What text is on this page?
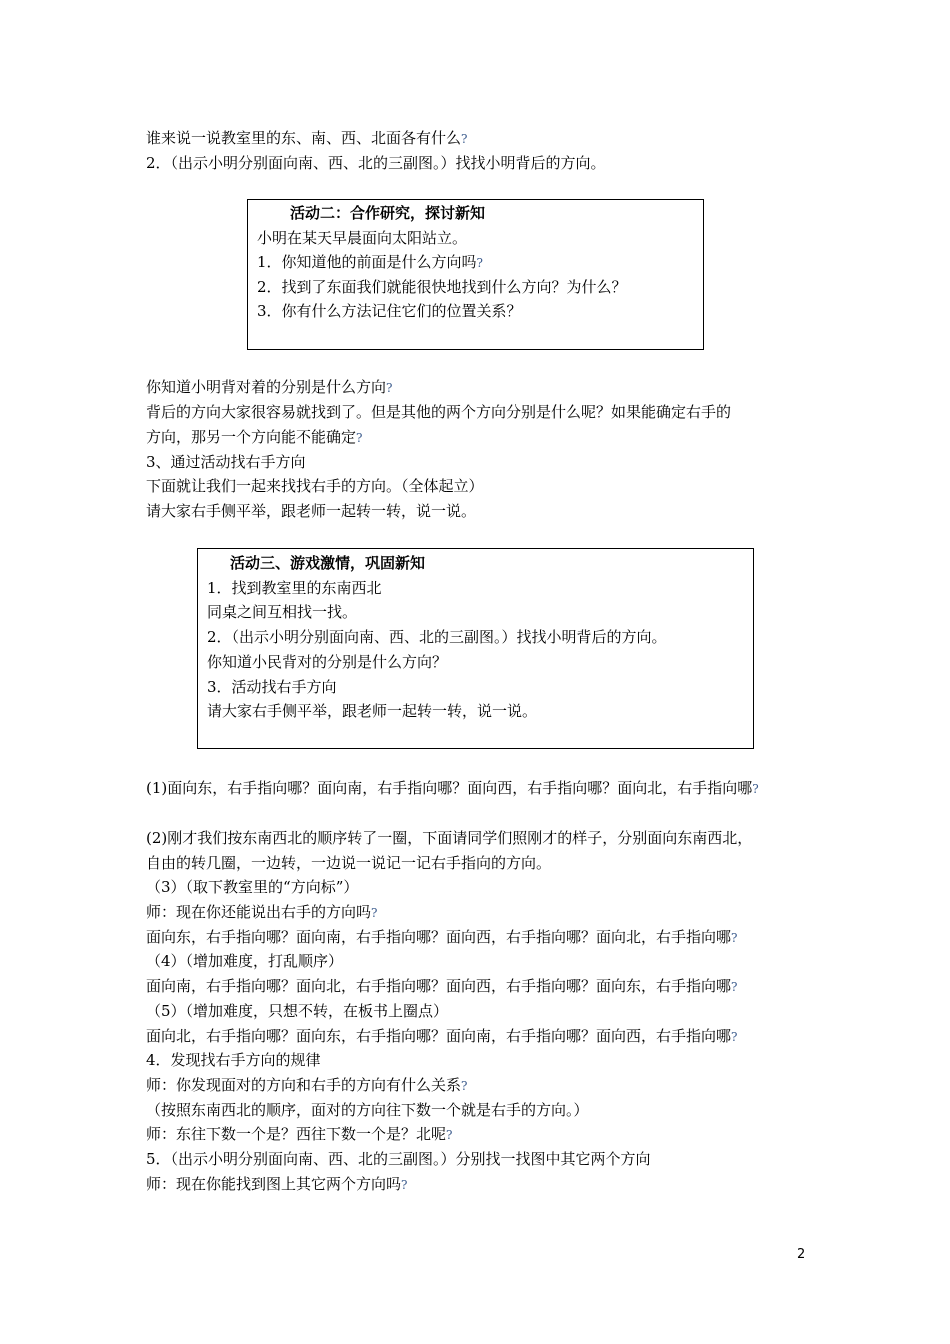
谁来说一说教室里的东、南、西、北面各有什么?
2．（出示小明分别面向南、西、北的三副图。）找找小明背后的方向。
活动二：合作研究，探讨新知
小明在某天早晨面向太阳站立。
1．你知道他的前面是什么方向吗?
2．找到了东面我们就能很快地找到什么方向？为什么？
3．你有什么方法记住它们的位置关系？
你知道小明背对着的分别是什么方向?
背后的方向大家很容易就找到了。但是其他的两个方向分别是什么呢？如果能确定右手的
方向，那另一个方向能不能确定?
3、通过活动找右手方向
下面就让我们一起来找找右手的方向。（全体起立）
请大家右手侧平举，跟老师一起转一转，说一说。
活动三、游戏激情，巩固新知
1．找到教室里的东南西北
同桌之间互相找一找。
2．（出示小明分别面向南、西、北的三副图。）找找小明背后的方向。
你知道小民背对的分别是什么方向？
3．活动找右手方向
请大家右手侧平举，跟老师一起转一转，说一说。
(1)面向东，右手指向哪？面向南，右手指向哪？面向西，右手指向哪？面向北，右手指向哪?
(2)刚才我们按东南西北的顺序转了一圈，下面请同学们照刚才的样子，分别面向东南西北，
自由的转几圈，一边转，一边说一说记一记右手指向的方向。
（3）（取下教室里的“方向标”）
师：现在你还能说出右手的方向吗?
面向东，右手指向哪？面向南，右手指向哪？面向西，右手指向哪？面向北，右手指向哪?
（4）（增加难度，打乱顺序）
面向南，右手指向哪？面向北，右手指向哪？面向西，右手指向哪？面向东，右手指向哪?
（5）（增加难度，只想不转，在板书上圈点）
面向北，右手指向哪？面向东，右手指向哪？面向南，右手指向哪？面向西，右手指向哪?
4．发现找右手方向的规律
师：你发现面对的方向和右手的方向有什么关系?
（按照东南西北的顺序，面对的方向往下数一个就是右手的方向。）
师：东往下数一个是？西往下数一个是？北呢?
5．（出示小明分别面向南、西、北的三副图。）分别找一找图中其它两个方向
师：现在你能找到图上其它两个方向吗?
2
